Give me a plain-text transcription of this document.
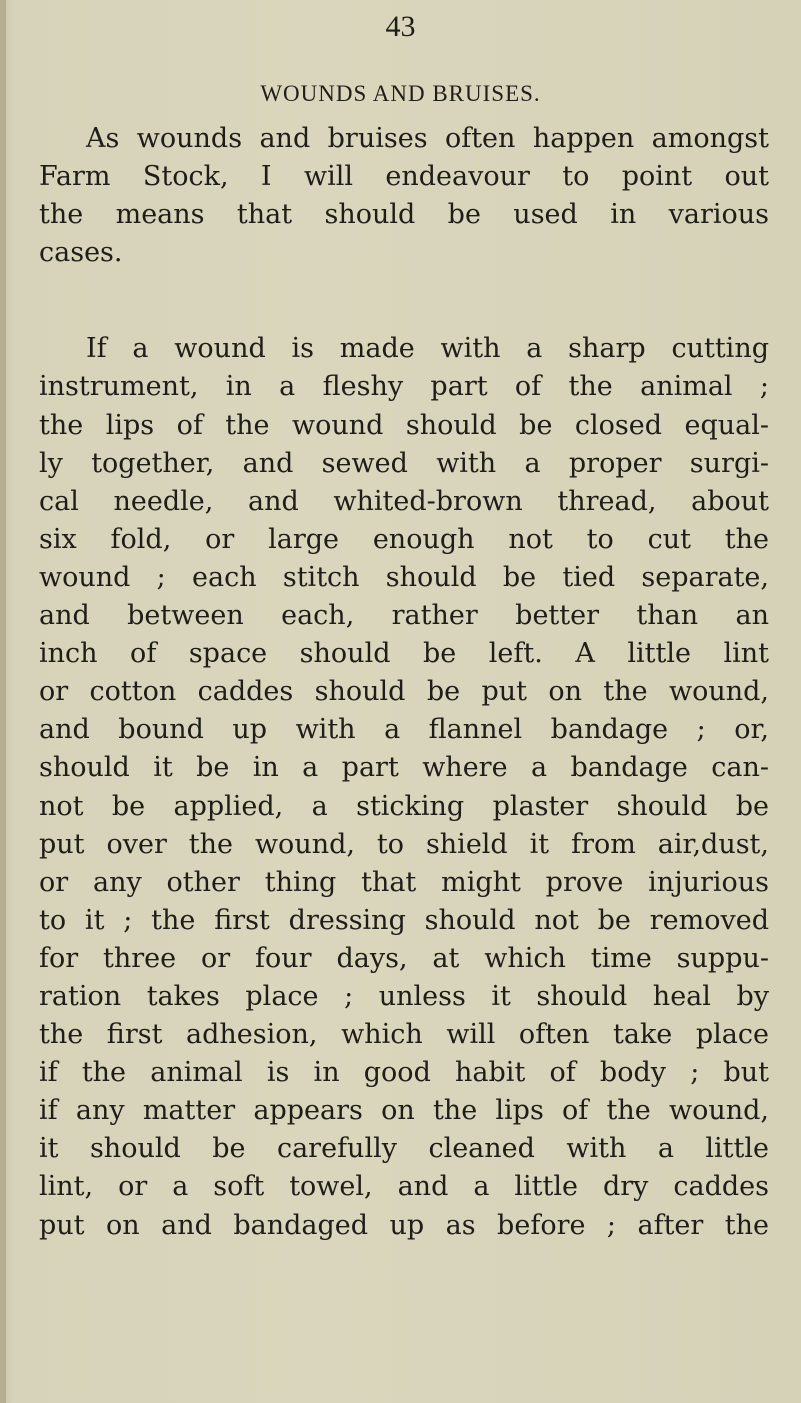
43
WOUNDS AND BRUISES.
As wounds and bruises often happen amongst
Farm Stock, I will endeavour to point out
the means that should be used in various
cases.
If a wound is made with a sharp cutting
instrument, in a fleshy part of the animal ;
the lips of the wound should be closed equal-
ly together, and sewed with a proper surgi-
cal needle, and whited-brown thread, about
six fold, or large enough not to cut the
wound ; each stitch should be tied separate,
and between each, rather better than an
inch of space should be left. A little lint
or cotton caddes should be put on the wound,
and bound up with a flannel bandage ; or,
should it be in a part where a bandage can-
not be applied, a sticking plaster should be
put over the wound, to shield it from air,dust,
or any other thing that might prove injurious
to it ; the first dressing should not be removed
for three or four days, at which time suppu-
ration takes place ; unless it should heal by
the first adhesion, which will often take place
if the animal is in good habit of body ; but
if any matter appears on the lips of the wound,
it should be carefully cleaned with a little
lint, or a soft towel, and a little dry caddes
put on and bandaged up as before ; after the
